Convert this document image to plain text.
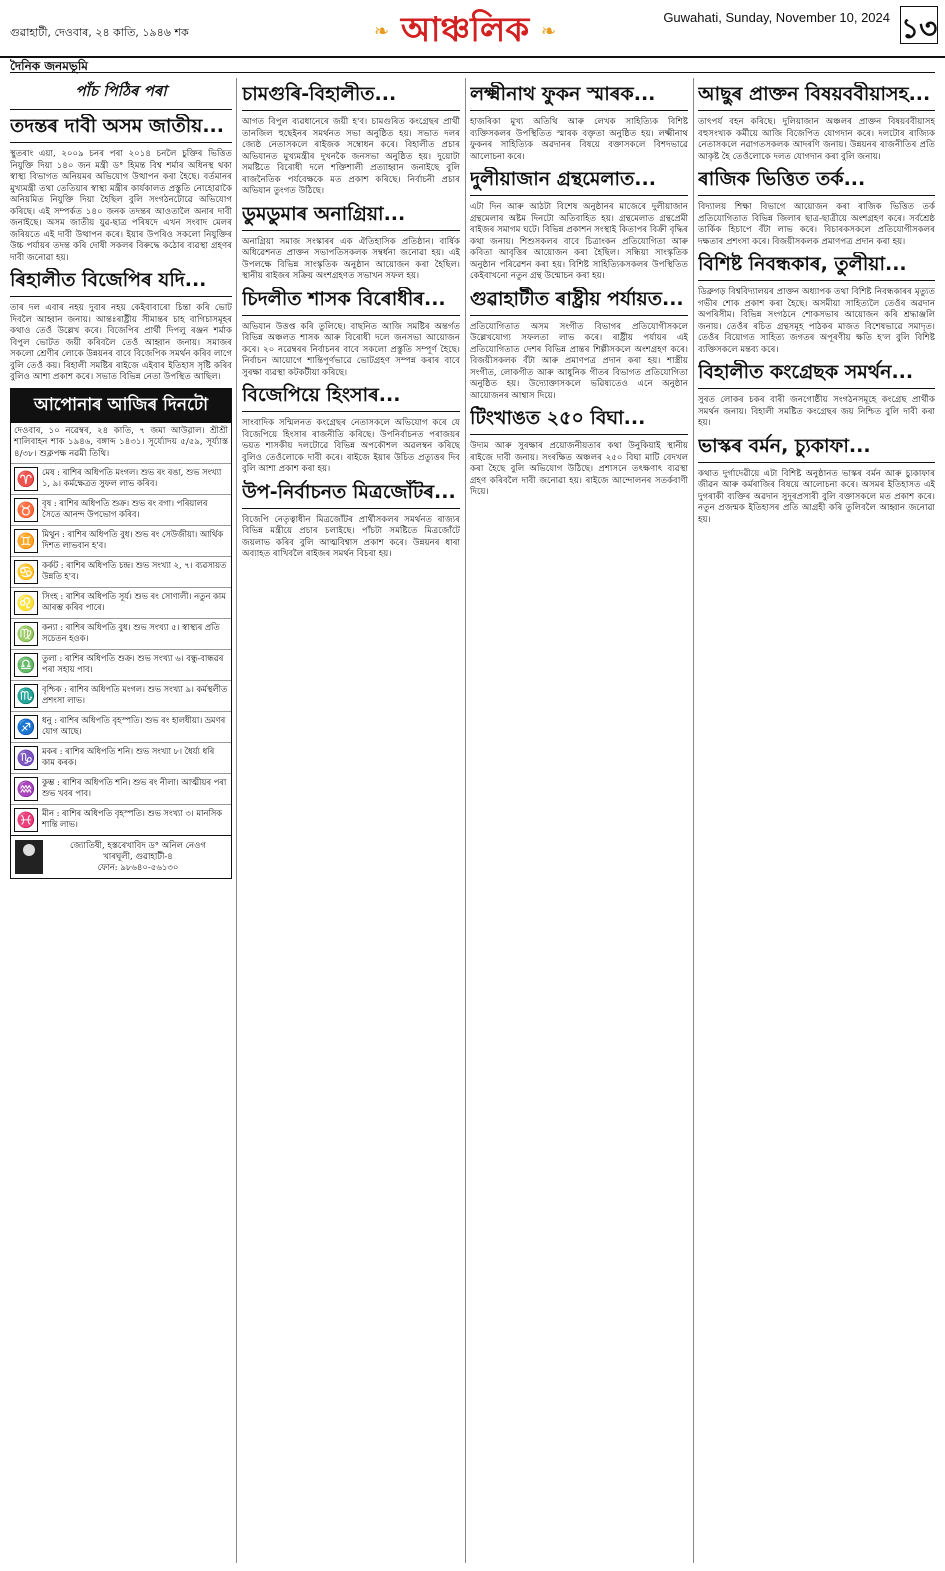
গুৱাহাটী, দেওবাৰ, ২৪ কাতি, ১৯৪৬ শক	❧ আঞ্চলিক ❧
Guwahati, Sunday, November 10, 2024 ১৩
দৈনিক জনমভূমি
পাঁচ পিঠিৰ পৰা
তদন্তৰ দাবী অসম জাতীয়...
স্থুতৰাং এয়া, ২০০৯ চনৰ পৰা ২০১৪ চনলৈ চুক্তিৰ ভিত্তিত নিযুক্তি দিয়া ১৪০ জন মন্ত্ৰী ড° হিমন্ত বিশ্ব শৰ্মাৰ অধিনস্থ থকা স্বাস্থ্য বিভাগত অনিয়মৰ অভিযোগ উত্থাপন কৰা হৈছে। বৰ্তমানৰ মুখ্যমন্ত্ৰী তথা তেতিয়াৰ স্বাস্থ্য মন্ত্ৰীৰ কাৰ্যকালত প্ৰস্তুতি নোহোৱাকৈ অনিয়মিত নিযুক্তি দিয়া হৈছিল বুলি সংগঠনটোৱে অভিযোগ কৰিছে। এই সম্পৰ্কত ১৪০ জনক তদন্তৰ আওতালৈ অনাৰ দাবী জনাইছে। অসম জাতীয় যুৱ-ছাত্ৰ পৰিষদে এখন সংবাদ মেলৰ জৰিয়তে এই দাবী উত্থাপন কৰে। ইয়াৰ উপৰিও সকলো নিযুক্তিৰ উচ্চ পৰ্যায়ৰ তদন্ত কৰি দোষী সকলৰ বিৰুদ্ধে কঠোৰ ব্যৱস্থা গ্ৰহণৰ দাবী জনোৱা হয়।
ৰিহালীত বিজেপিৰ যদি...
তাৰ দল এবাৰ নহয় দুবাৰ নহয় কেইবাবাৰো চিন্তা কৰি ভোট দিবলৈ আহ্বান জনায়। আন্তঃৰাষ্ট্ৰীয় সীমান্তৰ চাহ বাগিচাসমূহৰ কথাও তেওঁ উল্লেখ কৰে। বিজেপিৰ প্ৰাৰ্থী দিপলু ৰঞ্জন শৰ্মাক বিপুল ভোটত জয়ী কৰিবলৈ তেওঁ আহ্বান জনায়। সমাজৰ সকলো শ্ৰেণীৰ লোকে উন্নয়নৰ বাবে বিজেপিক সমৰ্থন কৰিব লাগে বুলি তেওঁ কয়। ৰিহালী সমষ্টিৰ ৰাইজে এইবাৰ ইতিহাস সৃষ্টি কৰিব বুলিও আশা প্ৰকাশ কৰে। সভাত বিভিন্ন নেতা উপস্থিত আছিল।
আপোনাৰ আজিৰ দিনটো
দেওবাৰ, ১০ নৱেম্বৰ, ২৪ কাতি, ৭ জমা আউৱ়াল। শ্ৰীশ্ৰী শালিবাহন শাক ১৯৪৬, বঙ্গাব্দ ১৪৩১। সূৰ্য্যোদয় ৫/৫৯, সূৰ্য্যাস্ত ৪/৩৮। শুক্লপক্ষ নৱমী তিথি।
♈ মেষ : ৰাশিৰ অধিপতি মংগল। শুভ ৰং ৰঙা, শুভ সংখ্যা ১, ৯। কৰ্মক্ষেত্ৰত সুফল লাভ কৰিব।
♉ বৃষ : ৰাশিৰ অধিপতি শুক্ৰ। শুভ ৰং বগা। পৰিয়ালৰ সৈতে আনন্দ উপভোগ কৰিব।
♊ মিথুন : ৰাশিৰ অধিপতি বুধ। শুভ ৰং সেউজীয়া। আৰ্থিক দিশত লাভবান হ'ব।
♋ কৰ্কট : ৰাশিৰ অধিপতি চন্দ্ৰ। শুভ সংখ্যা ২, ৭। ব্যৱসায়ত উন্নতি হ'ব।
♌ সিংহ : ৰাশিৰ অধিপতি সূৰ্য। শুভ ৰং সোণালী। নতুন কাম আৰম্ভ কৰিব পাৰে।
♍ কন্যা : ৰাশিৰ অধিপতি বুধ। শুভ সংখ্যা ৫। স্বাস্থ্যৰ প্ৰতি সচেতন হওক।
♎ তুলা : ৰাশিৰ অধিপতি শুক্ৰ। শুভ সংখ্যা ৬। বন্ধু-বান্ধৱৰ পৰা সহায় পাব।
♏ বৃশ্চিক : ৰাশিৰ অধিপতি মংগল। শুভ সংখ্যা ৯। কৰ্মস্থলীত প্ৰশংসা লাভ।
♐ ধনু : ৰাশিৰ অধিপতি বৃহস্পতি। শুভ ৰং হালধীয়া। ভ্ৰমণৰ যোগ আছে।
♑ মকৰ : ৰাশিৰ অধিপতি শনি। শুভ সংখ্যা ৮। ধৈৰ্য্য ধৰি কাম কৰক।
♒ কুম্ভ : ৰাশিৰ অধিপতি শনি। শুভ ৰং নীলা। আত্মীয়ৰ পৰা শুভ খবৰ পাব।
♓ মীন : ৰাশিৰ অধিপতি বৃহস্পতি। শুভ সংখ্যা ৩। মানসিক শান্তি লাভ।
জ্যোতিষী, হস্তৰেখাবিদ ড° অনিল নেওগ
খাৰঘূলী, গুৱাহাটী-৪
ফোন: ৯৮৬৪০-৫৬১৩০
চামগুৰি-বিহালীত...
আগত বিপুল ব্যৱধানেৰে জয়ী হ'ব। চামগুৰিত কংগ্ৰেছৰ প্ৰাৰ্থী তানজিল হুছেইনৰ সমৰ্থনত সভা অনুষ্ঠিত হয়। সভাত দলৰ জ্যেষ্ঠ নেতাসকলে ৰাইজক সম্বোধন কৰে। বিহালীত প্ৰচাৰ অভিযানত মুখ্যমন্ত্ৰীৰ দুখনকৈ জনসভা অনুষ্ঠিত হয়। দুয়োটা সমষ্টিতে বিৰোধী দলে শক্তিশালী প্ৰত্যাহ্বান জনাইছে বুলি ৰাজনৈতিক পৰ্যবেক্ষকে মত প্ৰকাশ কৰিছে। নিৰ্বাচনী প্ৰচাৰ অভিযান তুংগত উঠিছে।
ডুমডুমাৰ অনাগ্ৰিয়া...
অনাগ্ৰিয়া সমাজ সংস্কাৰৰ এক ঐতিহাসিক প্ৰতিষ্ঠান। বাৰ্ষিক অধিৱেশনত প্ৰাক্তন সভাপতিসকলক সম্বৰ্ধনা জনোৱা হয়। এই উপলক্ষে বিভিন্ন সাংস্কৃতিক অনুষ্ঠান আয়োজন কৰা হৈছিল। স্থানীয় ৰাইজৰ সক্ৰিয় অংশগ্ৰহণত সভাখন সফল হয়।
চিদলীত শাসক বিৰোধীৰ...
অভিযান উত্তপ্ত কৰি তুলিছে। বাছনিত আজি সমষ্টিৰ অন্তৰ্গত বিভিন্ন অঞ্চলত শাসক আৰু বিৰোধী দলে জনসভা আয়োজন কৰে। ২০ নৱেম্বৰৰ নিৰ্বাচনৰ বাবে সকলো প্ৰস্তুতি সম্পূৰ্ণ হৈছে। নিৰ্বাচন আয়োগে শান্তিপূৰ্ণভাৱে ভোটগ্ৰহণ সম্পন্ন কৰাৰ বাবে সুৰক্ষা ব্যৱস্থা কটকটীয়া কৰিছে।
বিজেপিয়ে হিংসাৰ...
সাংবাদিক সন্মিলনত কংগ্ৰেছৰ নেতাসকলে অভিযোগ কৰে যে বিজেপিয়ে হিংসাৰ ৰাজনীতি কৰিছে। উপনিৰ্বাচনত পৰাজয়ৰ ভয়ত শাসকীয় দলটোৱে বিভিন্ন অপকৌশল অৱলম্বন কৰিছে বুলিও তেওঁলোকে দাবী কৰে। ৰাইজে ইয়াৰ উচিত প্ৰত্যুত্তৰ দিব বুলি আশা প্ৰকাশ কৰা হয়।
উপ-নিৰ্বাচনত মিত্ৰজোঁটৰ...
বিজেপি নেতৃত্বাধীন মিত্ৰজোঁটৰ প্ৰাৰ্থীসকলৰ সমৰ্থনত ৰাজ্যৰ বিভিন্ন মন্ত্ৰীয়ে প্ৰচাৰ চলাইছে। পাঁচটা সমষ্টিতে মিত্ৰজোঁটে জয়লাভ কৰিব বুলি আত্মবিশ্বাস প্ৰকাশ কৰে। উন্নয়নৰ ধাৰা অব্যাহত ৰাখিবলৈ ৰাইজৰ সমৰ্থন বিচৰা হয়।
লক্ষ্মীনাথ ফুকন স্মাৰক...
হাজৰিকা মুখ্য অতিথি আৰু লেখক সাহিত্যিক বিশিষ্ট ব্যক্তিসকলৰ উপস্থিতিত স্মাৰক বক্তৃতা অনুষ্ঠিত হয়। লক্ষ্মীনাথ ফুকনৰ সাহিত্যিক অৱদানৰ বিষয়ে বক্তাসকলে বিশদভাৱে আলোচনা কৰে।
দুলীয়াজান গ্ৰন্থমেলাত...
এটা দিন আৰু আঠটা বিশেষ অনুষ্ঠানৰ মাজেৰে দুলীয়াজান গ্ৰন্থমেলাৰ অষ্টম দিনটো অতিবাহিত হয়। গ্ৰন্থমেলাত গ্ৰন্থপ্ৰেমী ৰাইজৰ সমাগম ঘটে। বিভিন্ন প্ৰকাশন সংস্থাই কিতাপৰ বিক্ৰী বৃদ্ধিৰ কথা জনায়। শিশুসকলৰ বাবে চিত্ৰাংকন প্ৰতিযোগিতা আৰু কবিতা আবৃত্তিৰ আয়োজন কৰা হৈছিল। সন্ধিয়া সাংস্কৃতিক অনুষ্ঠান পৰিৱেশন কৰা হয়। বিশিষ্ট সাহিত্যিকসকলৰ উপস্থিতিত কেইবাখনো নতুন গ্ৰন্থ উন্মোচন কৰা হয়।
গুৱাহাটীত ৰাষ্ট্ৰীয় পৰ্যায়ত...
প্ৰতিযোগিতাত অসম সংগীত বিভাগৰ প্ৰতিযোগীসকলে উল্লেখযোগ্য সফলতা লাভ কৰে। ৰাষ্ট্ৰীয় পৰ্যায়ৰ এই প্ৰতিযোগিতাত দেশৰ বিভিন্ন প্ৰান্তৰ শিল্পীসকলে অংশগ্ৰহণ কৰে। বিজয়ীসকলক বঁটা আৰু প্ৰমাণপত্ৰ প্ৰদান কৰা হয়। শাস্ত্ৰীয় সংগীত, লোকগীত আৰু আধুনিক গীতৰ বিভাগত প্ৰতিযোগিতা অনুষ্ঠিত হয়। উদ্যোক্তাসকলে ভৱিষ্যতেও এনে অনুষ্ঠান আয়োজনৰ আশ্বাস দিয়ে।
টিংখাঙত ২৫০ বিঘা...
উদ্যম আৰু সুৰক্ষাৰ প্ৰয়োজনীয়তাৰ কথা উনুকিয়াই স্থানীয় ৰাইজে দাবী জনায়। সংৰক্ষিত অঞ্চলৰ ২৫০ বিঘা মাটি বেদখল কৰা হৈছে বুলি অভিযোগ উঠিছে। প্ৰশাসনে তৎক্ষণাৎ ব্যৱস্থা গ্ৰহণ কৰিবলৈ দাবী জনোৱা হয়। ৰাইজে আন্দোলনৰ সতৰ্কবাণী দিয়ে।
আছুৰ প্ৰাক্তন বিষয়ববীয়াসহ...
তাৎপৰ্য বহন কৰিছে। দুলিয়াজান অঞ্চলৰ প্ৰাক্তন বিষয়ববীয়াসহ বহুসংখ্যক কৰ্মীয়ে আজি বিজেপিত যোগদান কৰে। দলটোৰ ৰাজ্যিক নেতাসকলে নৱাগতসকলক আদৰণি জনায়। উন্নয়নৰ ৰাজনীতিৰ প্ৰতি আকৃষ্ট হৈ তেওঁলোকে দলত যোগদান কৰা বুলি জনায়।
ৰাজিক ভিত্তিত তৰ্ক...
বিদ্যালয় শিক্ষা বিভাগে আয়োজন কৰা ৰাজিক ভিত্তিত তৰ্ক প্ৰতিযোগিতাত বিভিন্ন জিলাৰ ছাত্ৰ-ছাত্ৰীয়ে অংশগ্ৰহণ কৰে। সৰ্বশ্ৰেষ্ঠ তাৰ্কিক হিচাপে বঁটা লাভ কৰে। বিচাৰকসকলে প্ৰতিযোগীসকলৰ দক্ষতাৰ প্ৰশংসা কৰে। বিজয়ীসকলক প্ৰমাণপত্ৰ প্ৰদান কৰা হয়।
বিশিষ্ট নিবন্ধকাৰ, তুলীয়া...
ডিব্ৰুগড় বিশ্ববিদ্যালয়ৰ প্ৰাক্তন অধ্যাপক তথা বিশিষ্ট নিবন্ধকাৰৰ মৃত্যুত গভীৰ শোক প্ৰকাশ কৰা হৈছে। অসমীয়া সাহিত্যলৈ তেওঁৰ অৱদান অপৰিসীম। বিভিন্ন সংগঠনে শোকসভাৰ আয়োজন কৰি শ্ৰদ্ধাঞ্জলি জনায়। তেওঁৰ ৰচিত গ্ৰন্থসমূহ পাঠকৰ মাজত বিশেষভাৱে সমাদৃত। তেওঁৰ বিয়োগত সাহিত্য জগতৰ অপূৰণীয় ক্ষতি হ'ল বুলি বিশিষ্ট ব্যক্তিসকলে মন্তব্য কৰে।
বিহালীত কংগ্ৰেছক সমৰ্থন...
সুৰত লোকৰ চকৰ বাৰী জনগোষ্ঠীয় সংগঠনসমূহে কংগ্ৰেছ প্ৰাৰ্থীক সমৰ্থন জনায়। বিহালী সমষ্টিত কংগ্ৰেছৰ জয় নিশ্চিত বুলি দাবী কৰা হয়।
ভাস্কৰ বৰ্মন, চ্যুকাফা...
কথাত দুৰ্গাদেৱীয়ে এটা বিশিষ্ট অনুষ্ঠানত ভাস্কৰ বৰ্মন আৰু চ্যুকাফাৰ জীৱন আৰু কৰ্মৰাজিৰ বিষয়ে আলোচনা কৰে। অসমৰ ইতিহাসত এই দুগৰাকী ব্যক্তিৰ অৱদান সুদূৰপ্ৰসাৰী বুলি বক্তাসকলে মত প্ৰকাশ কৰে। নতুন প্ৰজন্মক ইতিহাসৰ প্ৰতি আগ্ৰহী কৰি তুলিবলৈ আহ্বান জনোৱা হয়।
